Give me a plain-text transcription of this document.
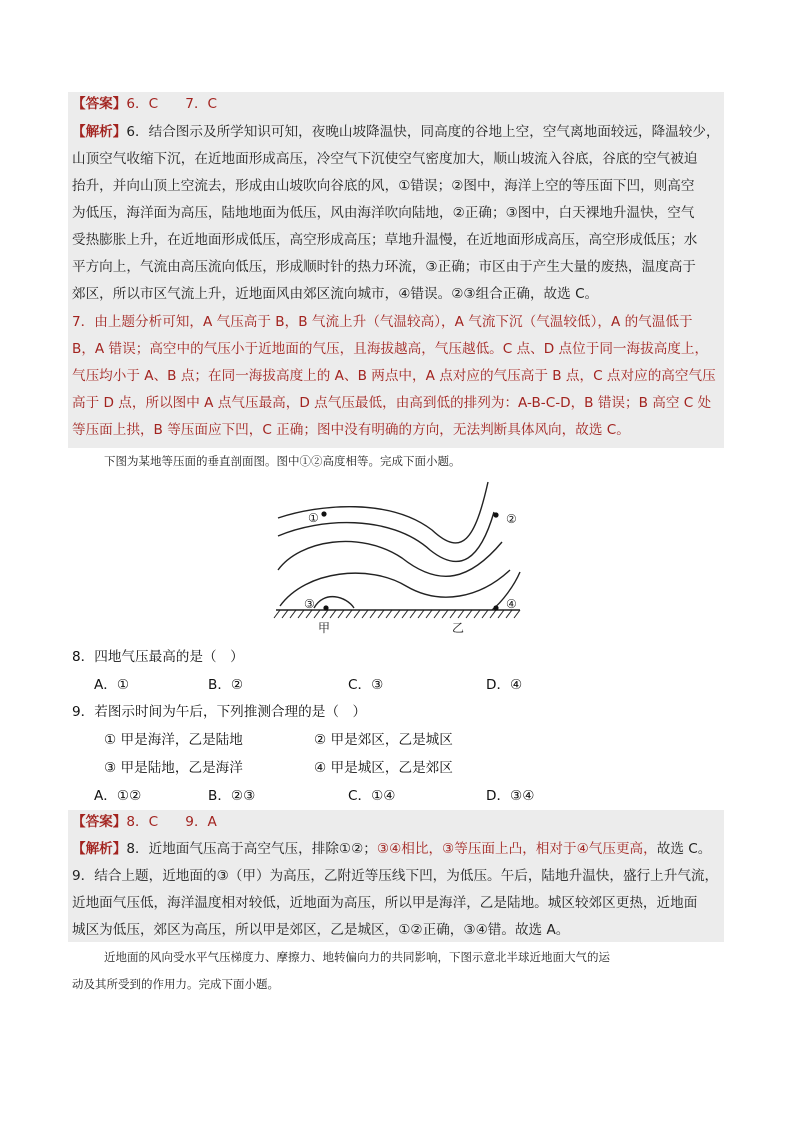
【答案】6．C　　7．C
【解析】6．结合图示及所学知识可知，夜晚山坡降温快，同高度的谷地上空，空气离地面较远，降温较少，
山顶空气收缩下沉，在近地面形成高压，冷空气下沉使空气密度加大，顺山坡流入谷底，谷底的空气被迫
抬升，并向山顶上空流去，形成由山坡吹向谷底的风，①错误；②图中，海洋上空的等压面下凹，则高空
为低压，海洋面为高压，陆地地面为低压，风由海洋吹向陆地，②正确；③图中，白天裸地升温快，空气
受热膨胀上升，在近地面形成低压，高空形成高压；草地升温慢，在近地面形成高压，高空形成低压；水
平方向上，气流由高压流向低压，形成顺时针的热力环流，③正确；市区由于产生大量的废热，温度高于
郊区，所以市区气流上升，近地面风由郊区流向城市，④错误。②③组合正确，故选 C。
7．由上题分析可知，A 气压高于 B，B 气流上升（气温较高），A 气流下沉（气温较低），A 的气温低于
B，A 错误；高空中的气压小于近地面的气压，且海拔越高，气压越低。C 点、D 点位于同一海拔高度上，
气压均小于 A、B 点；在同一海拔高度上的 A、B 两点中，A 点对应的气压高于 B 点，C 点对应的高空气压
高于 D 点，所以图中 A 点气压最高，D 点气压最低，由高到低的排列为：A-B-C-D，B 错误；B 高空 C 处
等压面上拱，B 等压面应下凹，C 正确；图中没有明确的方向，无法判断具体风向，故选 C。
下图为某地等压面的垂直剖面图。图中①②高度相等。完成下面小题。
①	②
③	④
甲	乙
8．四地气压最高的是（　）
A．①	B．②	C．③	D．④
9．若图示时间为午后，下列推测合理的是（　）
① 甲是海洋，乙是陆地	② 甲是郊区，乙是城区
③ 甲是陆地，乙是海洋	④ 甲是城区，乙是郊区
A．①②	B．②③	C．①④	D．③④
【答案】8．C　　9．A
【解析】8．近地面气压高于高空气压，排除①②；③④相比，③等压面上凸，相对于④气压更高，故选 C。
9．结合上题，近地面的③（甲）为高压，乙附近等压线下凹，为低压。午后，陆地升温快，盛行上升气流，
近地面气压低，海洋温度相对较低，近地面为高压，所以甲是海洋，乙是陆地。城区较郊区更热，近地面
城区为低压，郊区为高压，所以甲是郊区，乙是城区，①②正确，③④错。故选 A。
近地面的风向受水平气压梯度力、摩擦力、地转偏向力的共同影响，下图示意北半球近地面大气的运
动及其所受到的作用力。完成下面小题。
